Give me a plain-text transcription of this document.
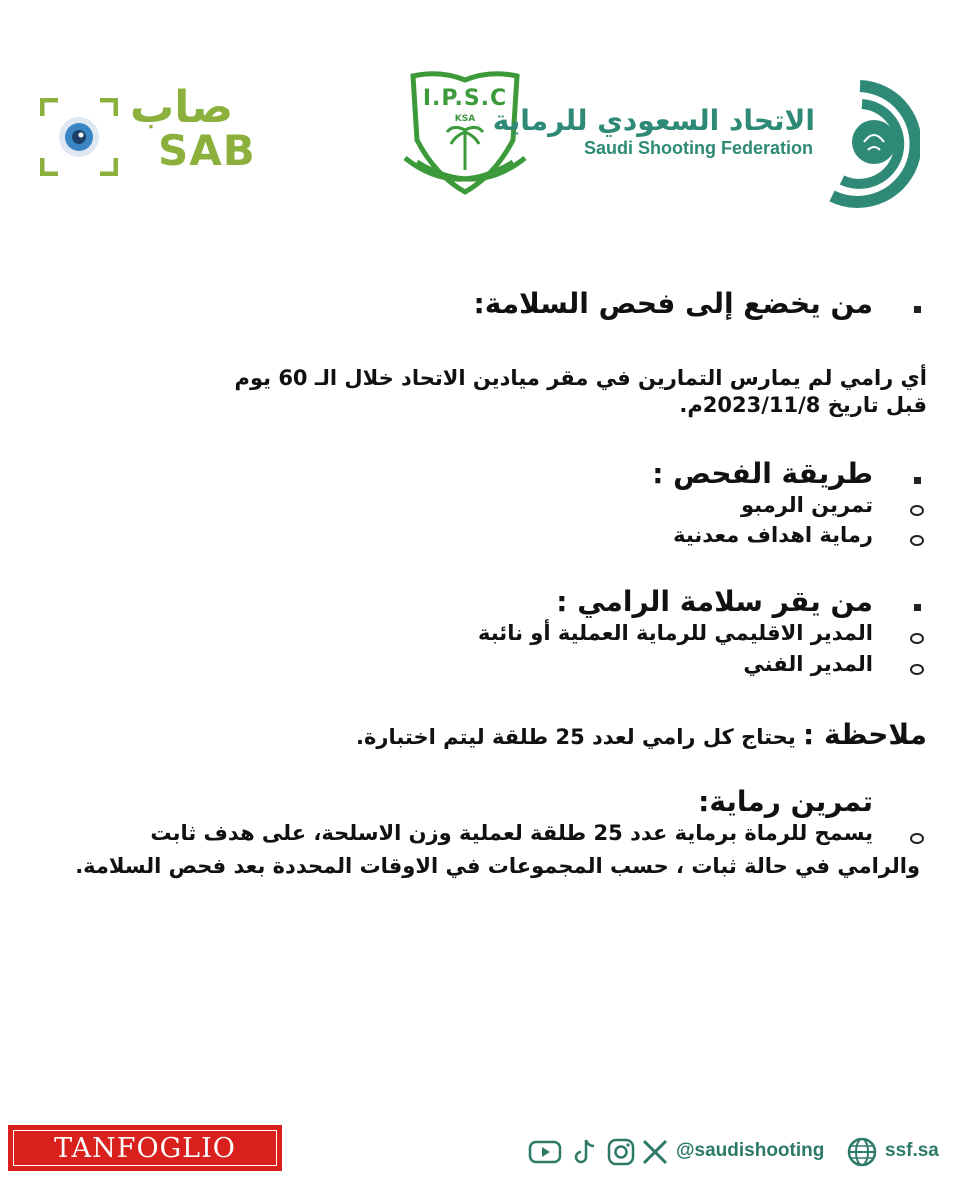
صاب
SAB
I.P.S.C
KSA الاتحاد السعودي للرماية
Saudi Shooting Federation
من يخضع إلى فحص السلامة:
أي رامي لم يمارس التمارين في مقر ميادين الاتحاد خلال الـ 60 يوم
قبل تاريخ 2023/11/8م.
طريقة الفحص :
تمرين الرمبو
رماية اهداف معدنية
من يقر سلامة الرامي :
المدير الاقليمي للرماية العملية أو نائبة
المدير الفني
ملاحظة : يحتاج كل رامي لعدد 25 طلقة ليتم اختبارة.
تمرين رماية:
يسمح للرماة برماية عدد 25 طلقة لعملية وزن الاسلحة، على هدف ثابت
والرامي في حالة ثبات ، حسب المجموعات في الاوقات المحددة بعد فحص السلامة.
TANFOGLIO	@saudishooting	ssf.sa
